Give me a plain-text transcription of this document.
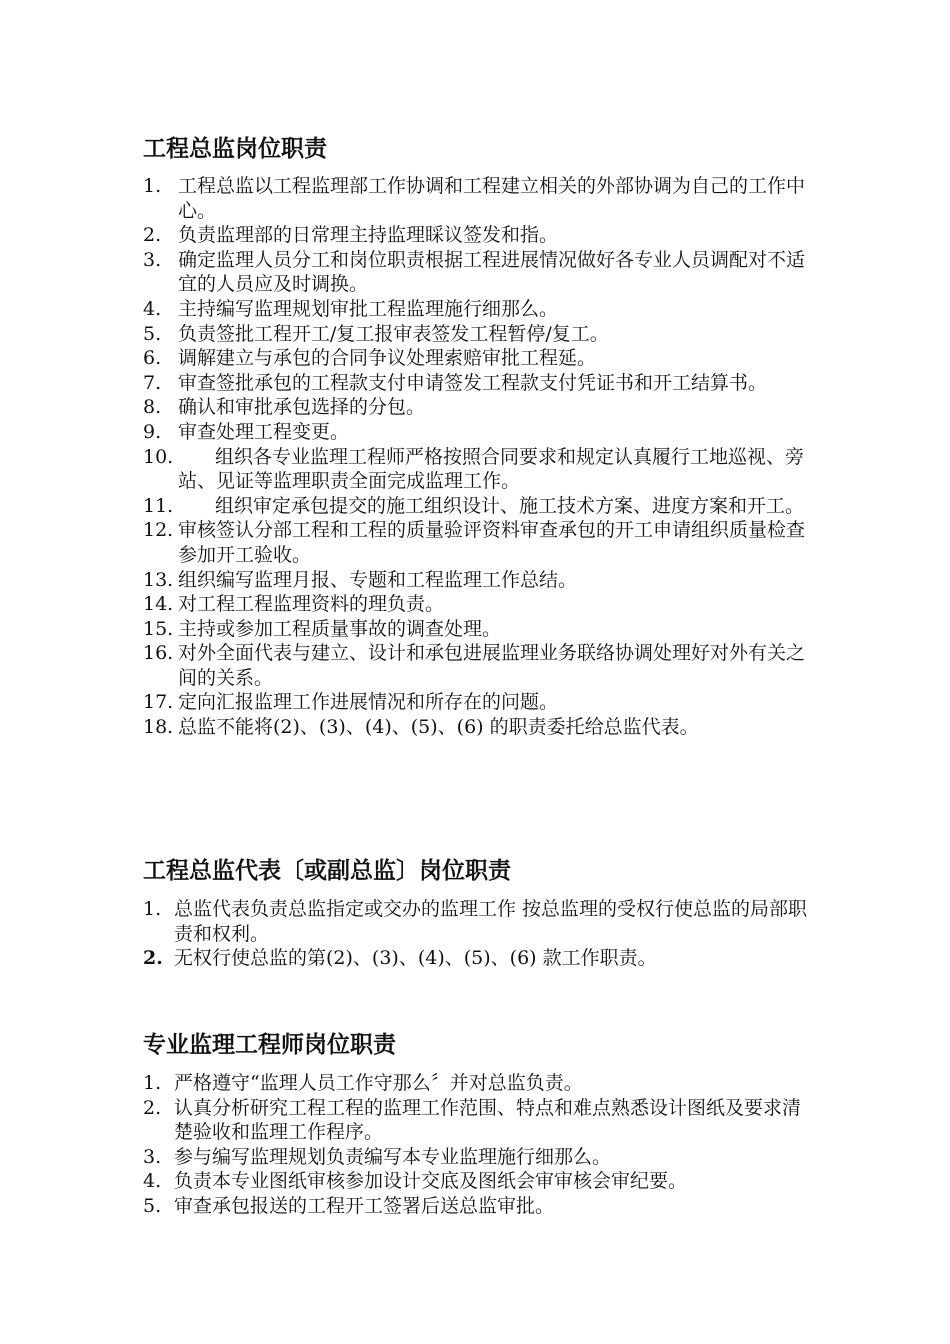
工程总监岗位职责
1. 工程总监以工程监理部工作协调和工程建立相关的外部协调为自己的工作中心。
2. 负责监理部的日常理主持监理睬议签发和指。
3. 确定监理人员分工和岗位职责根据工程进展情况做好各专业人员调配对不适宜的人员应及时调换。
4. 主持编写监理规划审批工程监理施行细那么。
5. 负责签批工程开工/复工报审表签发工程暂停/复工。
6. 调解建立与承包的合同争议处理索赔审批工程延。
7. 审查签批承包的工程款支付申请签发工程款支付凭证书和开工结算书。
8. 确认和审批承包选择的分包。
9. 审查处理工程变更。
10.	组织各专业监理工程师严格按照合同要求和规定认真履行工地巡视、旁站、见证等监理职责全面完成监理工作。
11.	组织审定承包提交的施工组织设计、施工技术方案、进度方案和开工。
12. 审核签认分部工程和工程的质量验评资料审查承包的开工申请组织质量检查参加开工验收。
13. 组织编写监理月报、专题和工程监理工作总结。
14. 对工程工程监理资料的理负责。
15. 主持或参加工程质量事故的调查处理。
16. 对外全面代表与建立、设计和承包进展监理业务联络协调处理好对外有关之间的关系。
17. 定向汇报监理工作进展情况和所存在的问题。
18. 总监不能将(2)、(3)、(4)、(5)、(6) 的职责委托给总监代表。
工程总监代表〔或副总监〕岗位职责
1. 总监代表负责总监指定或交办的监理工作 按总监理的受权行使总监的局部职责和权利。
2. 无权行使总监的第(2)、(3)、(4)、(5)、(6) 款工作职责。
专业监理工程师岗位职责
1. 严格遵守“监理人员工作守那么〞并对总监负责。
2. 认真分析研究工程工程的监理工作范围、特点和难点熟悉设计图纸及要求清楚验收和监理工作程序。
3. 参与编写监理规划负责编写本专业监理施行细那么。
4. 负责本专业图纸审核参加设计交底及图纸会审审核会审纪要。
5. 审查承包报送的工程开工签署后送总监审批。
